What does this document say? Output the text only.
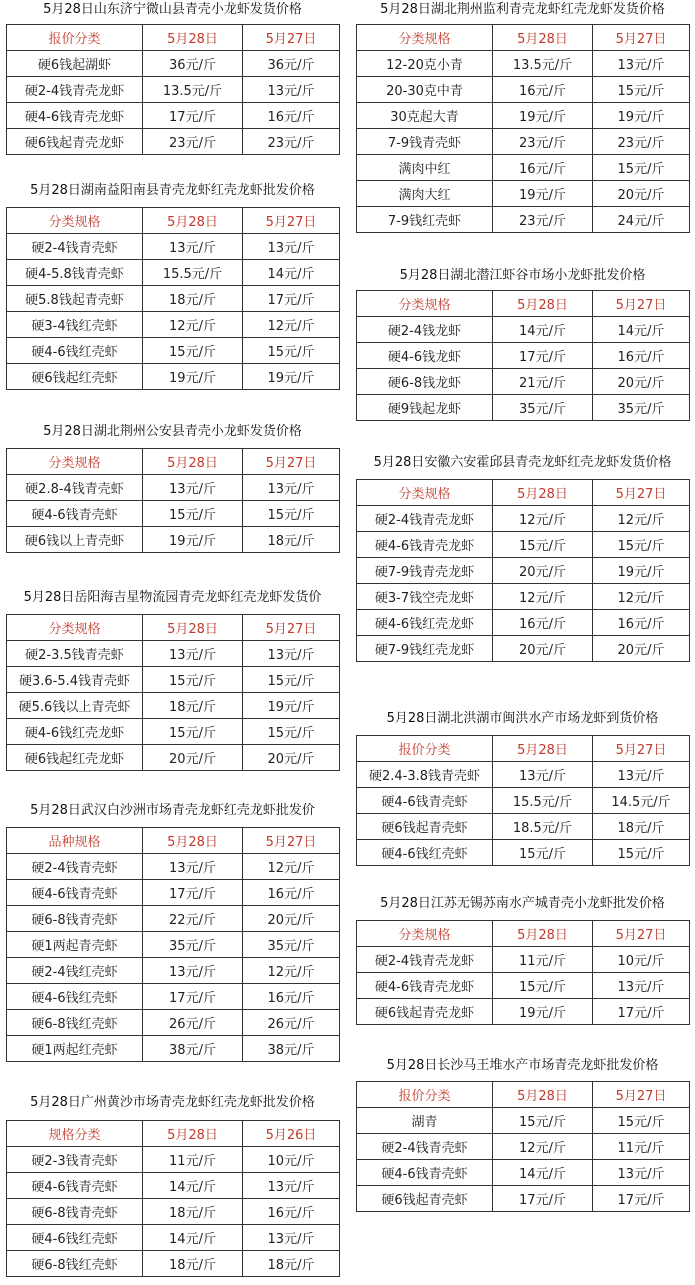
5月28日山东济宁微山县青壳小龙虾发货价格
报价分类	5月28日	5月27日
硬6钱起湖虾	36元/斤	36元/斤
硬2-4钱青壳龙虾	13.5元/斤	13元/斤
硬4-6钱青壳龙虾	17元/斤	16元/斤
硬6钱起青壳龙虾	23元/斤	23元/斤
5月28日湖南益阳南县青壳龙虾红壳龙虾批发价格
分类规格	5月28日	5月27日
硬2-4钱青壳虾	13元/斤	13元/斤
硬4-5.8钱青壳虾	15.5元/斤	14元/斤
硬5.8钱起青壳虾	18元/斤	17元/斤
硬3-4钱红壳虾	12元/斤	12元/斤
硬4-6钱红壳虾	15元/斤	15元/斤
硬6钱起红壳虾	19元/斤	19元/斤
5月28日湖北荆州公安县青壳小龙虾发货价格
分类规格	5月28日	5月27日
硬2.8-4钱青壳虾	13元/斤	13元/斤
硬4-6钱青壳虾	15元/斤	15元/斤
硬6钱以上青壳虾	19元/斤	18元/斤
5月28日岳阳海吉星物流园青壳龙虾红壳龙虾发货价
分类规格	5月28日	5月27日
硬2-3.5钱青壳虾	13元/斤	13元/斤
硬3.6-5.4钱青壳虾	15元/斤	15元/斤
硬5.6钱以上青壳虾	18元/斤	19元/斤
硬4-6钱红壳龙虾	15元/斤	15元/斤
硬6钱起红壳龙虾	20元/斤	20元/斤
5月28日武汉白沙洲市场青壳龙虾红壳龙虾批发价
品种规格	5月28日	5月27日
硬2-4钱青壳虾	13元/斤	12元/斤
硬4-6钱青壳虾	17元/斤	16元/斤
硬6-8钱青壳虾	22元/斤	20元/斤
硬1两起青壳虾	35元/斤	35元/斤
硬2-4钱红壳虾	13元/斤	12元/斤
硬4-6钱红壳虾	17元/斤	16元/斤
硬6-8钱红壳虾	26元/斤	26元/斤
硬1两起红壳虾	38元/斤	38元/斤
5月28日广州黄沙市场青壳龙虾红壳龙虾批发价格
规格分类	5月28日	5月26日
硬2-3钱青壳虾	11元/斤	10元/斤
硬4-6钱青壳虾	14元/斤	13元/斤
硬6-8钱青壳虾	18元/斤	16元/斤
硬4-6钱红壳虾	14元/斤	13元/斤
硬6-8钱红壳虾	18元/斤	18元/斤
5月28日湖北荆州监利青壳龙虾红壳龙虾发货价格
分类规格	5月28日	5月27日
12-20克小青	13.5元/斤	13元/斤
20-30克中青	16元/斤	15元/斤
30克起大青	19元/斤	19元/斤
7-9钱青壳虾	23元/斤	23元/斤
满肉中红	16元/斤	15元/斤
满肉大红	19元/斤	20元/斤
7-9钱红壳虾	23元/斤	24元/斤
5月28日湖北潜江虾谷市场小龙虾批发价格
分类规格	5月28日	5月27日
硬2-4钱龙虾	14元/斤	14元/斤
硬4-6钱龙虾	17元/斤	16元/斤
硬6-8钱龙虾	21元/斤	20元/斤
硬9钱起龙虾	35元/斤	35元/斤
5月28日安徽六安霍邱县青壳龙虾红壳龙虾发货价格
分类规格	5月28日	5月27日
硬2-4钱青壳龙虾	12元/斤	12元/斤
硬4-6钱青壳龙虾	15元/斤	15元/斤
硬7-9钱青壳龙虾	20元/斤	19元/斤
硬3-7钱空壳龙虾	12元/斤	12元/斤
硬4-6钱红壳龙虾	16元/斤	16元/斤
硬7-9钱红壳龙虾	20元/斤	20元/斤
5月28日湖北洪湖市闽洪水产市场龙虾到货价格
报价分类	5月28日	5月27日
硬2.4-3.8钱青壳虾	13元/斤	13元/斤
硬4-6钱青壳虾	15.5元/斤	14.5元/斤
硬6钱起青壳虾	18.5元/斤	18元/斤
硬4-6钱红壳虾	15元/斤	15元/斤
5月28日江苏无锡苏南水产城青壳小龙虾批发价格
分类规格	5月28日	5月27日
硬2-4钱青壳龙虾	11元/斤	10元/斤
硬4-6钱青壳龙虾	15元/斤	13元/斤
硬6钱起青壳龙虾	19元/斤	17元/斤
5月28日长沙马王堆水产市场青壳龙虾批发价格
报价分类	5月28日	5月27日
湖青	15元/斤	15元/斤
硬2-4钱青壳虾	12元/斤	11元/斤
硬4-6钱青壳虾	14元/斤	13元/斤
硬6钱起青壳虾	17元/斤	17元/斤
